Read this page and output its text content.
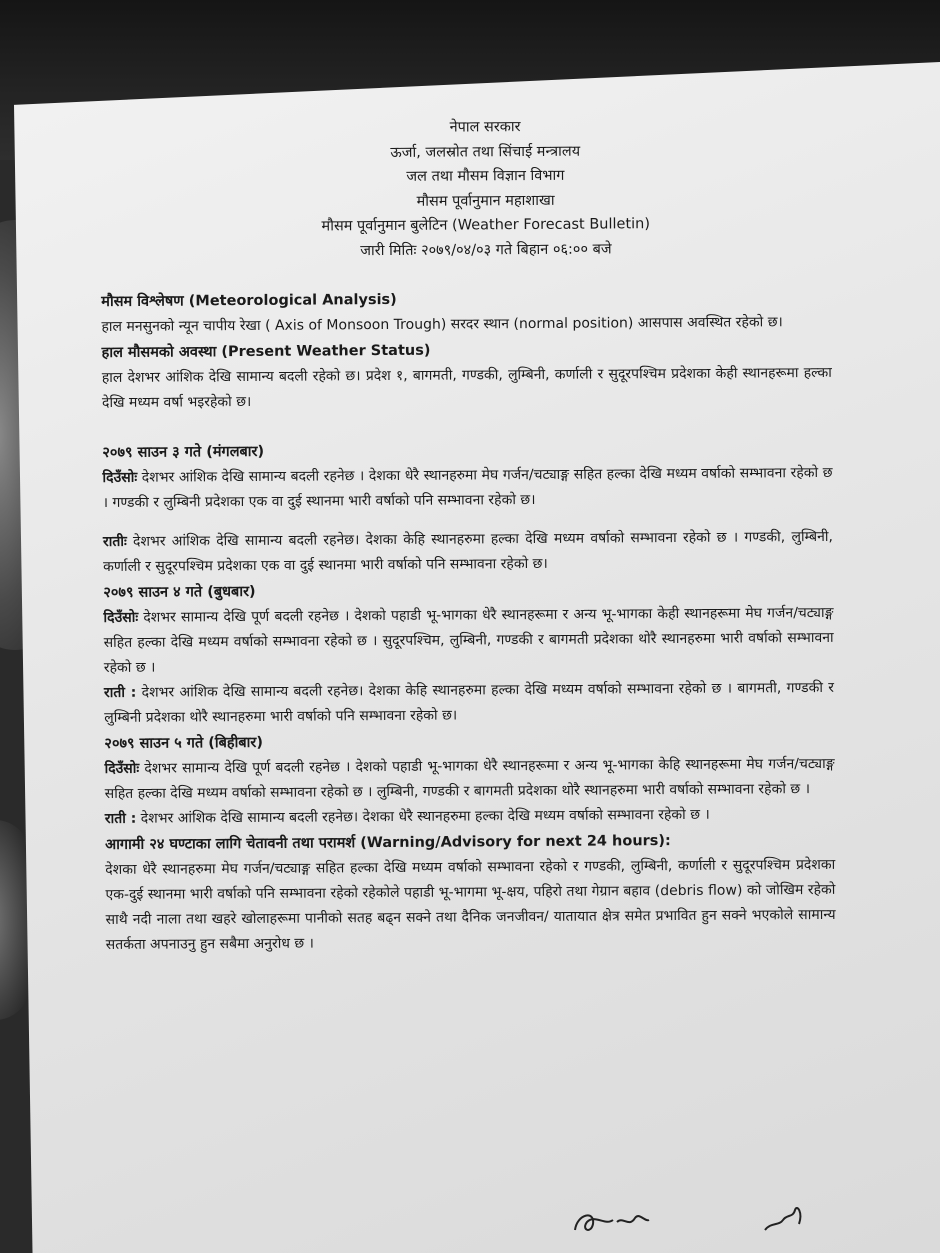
नेपाल सरकार
ऊर्जा, जलस्रोत तथा सिंचाई मन्त्रालय
जल तथा मौसम विज्ञान विभाग
मौसम पूर्वानुमान महाशाखा
मौसम पूर्वानुमान बुलेटिन (Weather Forecast Bulletin)
जारी मितिः २०७९/०४/०३ गते बिहान ०६:०० बजे

मौसम विश्लेषण (Meteorological Analysis)

हाल मनसुनको न्यून चापीय रेखा ( Axis of Monsoon Trough) सरदर स्थान (normal position) आसपास अवस्थित रहेको छ।

हाल मौसमको अवस्था (Present Weather Status)

हाल देशभर आंशिक देखि सामान्य बदली रहेको छ। प्रदेश १, बागमती, गण्डकी, लुम्बिनी, कर्णाली र सुदूरपश्चिम प्रदेशका केही स्थानहरूमा हल्का देखि मध्यम वर्षा भइरहेको छ।

२०७९ साउन ३ गते (मंगलबार)

दिउँसोः देशभर आंशिक देखि सामान्य बदली रहनेछ । देशका धेरै स्थानहरुमा मेघ गर्जन/चट्याङ्ग सहित हल्का देखि मध्यम वर्षाको सम्भावना रहेको छ । गण्डकी र लुम्बिनी प्रदेशका एक वा दुई स्थानमा भारी वर्षाको पनि सम्भावना रहेको छ।

रातीः देशभर आंशिक देखि सामान्य बदली रहनेछ। देशका केहि स्थानहरुमा हल्का देखि मध्यम वर्षाको सम्भावना रहेको छ । गण्डकी, लुम्बिनी, कर्णाली र सुदूरपश्चिम प्रदेशका एक वा दुई स्थानमा भारी वर्षाको पनि सम्भावना रहेको छ।

२०७९ साउन ४ गते (बुधबार)

दिउँसोः देशभर सामान्य देखि पूर्ण बदली रहनेछ । देशको पहाडी भू-भागका धेरै स्थानहरूमा र अन्य भू-भागका केही स्थानहरूमा मेघ गर्जन/चट्याङ्ग सहित हल्का देखि मध्यम वर्षाको सम्भावना रहेको छ । सुदूरपश्चिम, लुम्बिनी, गण्डकी र बागमती प्रदेशका थोरै स्थानहरुमा भारी वर्षाको सम्भावना रहेको छ ।

राती : देशभर आंशिक देखि सामान्य बदली रहनेछ। देशका केहि स्थानहरुमा हल्का देखि मध्यम वर्षाको सम्भावना रहेको छ । बागमती, गण्डकी र लुम्बिनी प्रदेशका थोरै स्थानहरुमा भारी वर्षाको पनि सम्भावना रहेको छ।

२०७९ साउन ५ गते (बिहीबार)

दिउँसोः देशभर सामान्य देखि पूर्ण बदली रहनेछ । देशको पहाडी भू-भागका धेरै स्थानहरूमा र अन्य भू-भागका केहि स्थानहरूमा मेघ गर्जन/चट्याङ्ग सहित हल्का देखि मध्यम वर्षाको सम्भावना रहेको छ । लुम्बिनी, गण्डकी र बागमती प्रदेशका थोरै स्थानहरुमा भारी वर्षाको सम्भावना रहेको छ ।

राती : देशभर आंशिक देखि सामान्य बदली रहनेछ। देशका धेरै स्थानहरुमा हल्का देखि मध्यम वर्षाको सम्भावना रहेको छ ।

आगामी २४ घण्टाका लागि चेतावनी तथा परामर्श (Warning/Advisory for next 24 hours):

देशका धेरै स्थानहरुमा मेघ गर्जन/चट्याङ्ग सहित हल्का देखि मध्यम वर्षाको सम्भावना रहेको र गण्डकी, लुम्बिनी, कर्णाली र सुदूरपश्चिम प्रदेशका एक-दुई स्थानमा भारी वर्षाको पनि सम्भावना रहेको रहेकोले पहाडी भू-भागमा भू-क्षय, पहिरो तथा गेग्रान बहाव (debris flow) को जोखिम रहेको साथै नदी नाला तथा खहरे खोलाहरूमा पानीको सतह बढ्न सक्ने तथा दैनिक जनजीवन/ यातायात क्षेत्र समेत प्रभावित हुन सक्ने भएकोले सामान्य सतर्कता अपनाउनु हुन सबैमा अनुरोध छ ।
